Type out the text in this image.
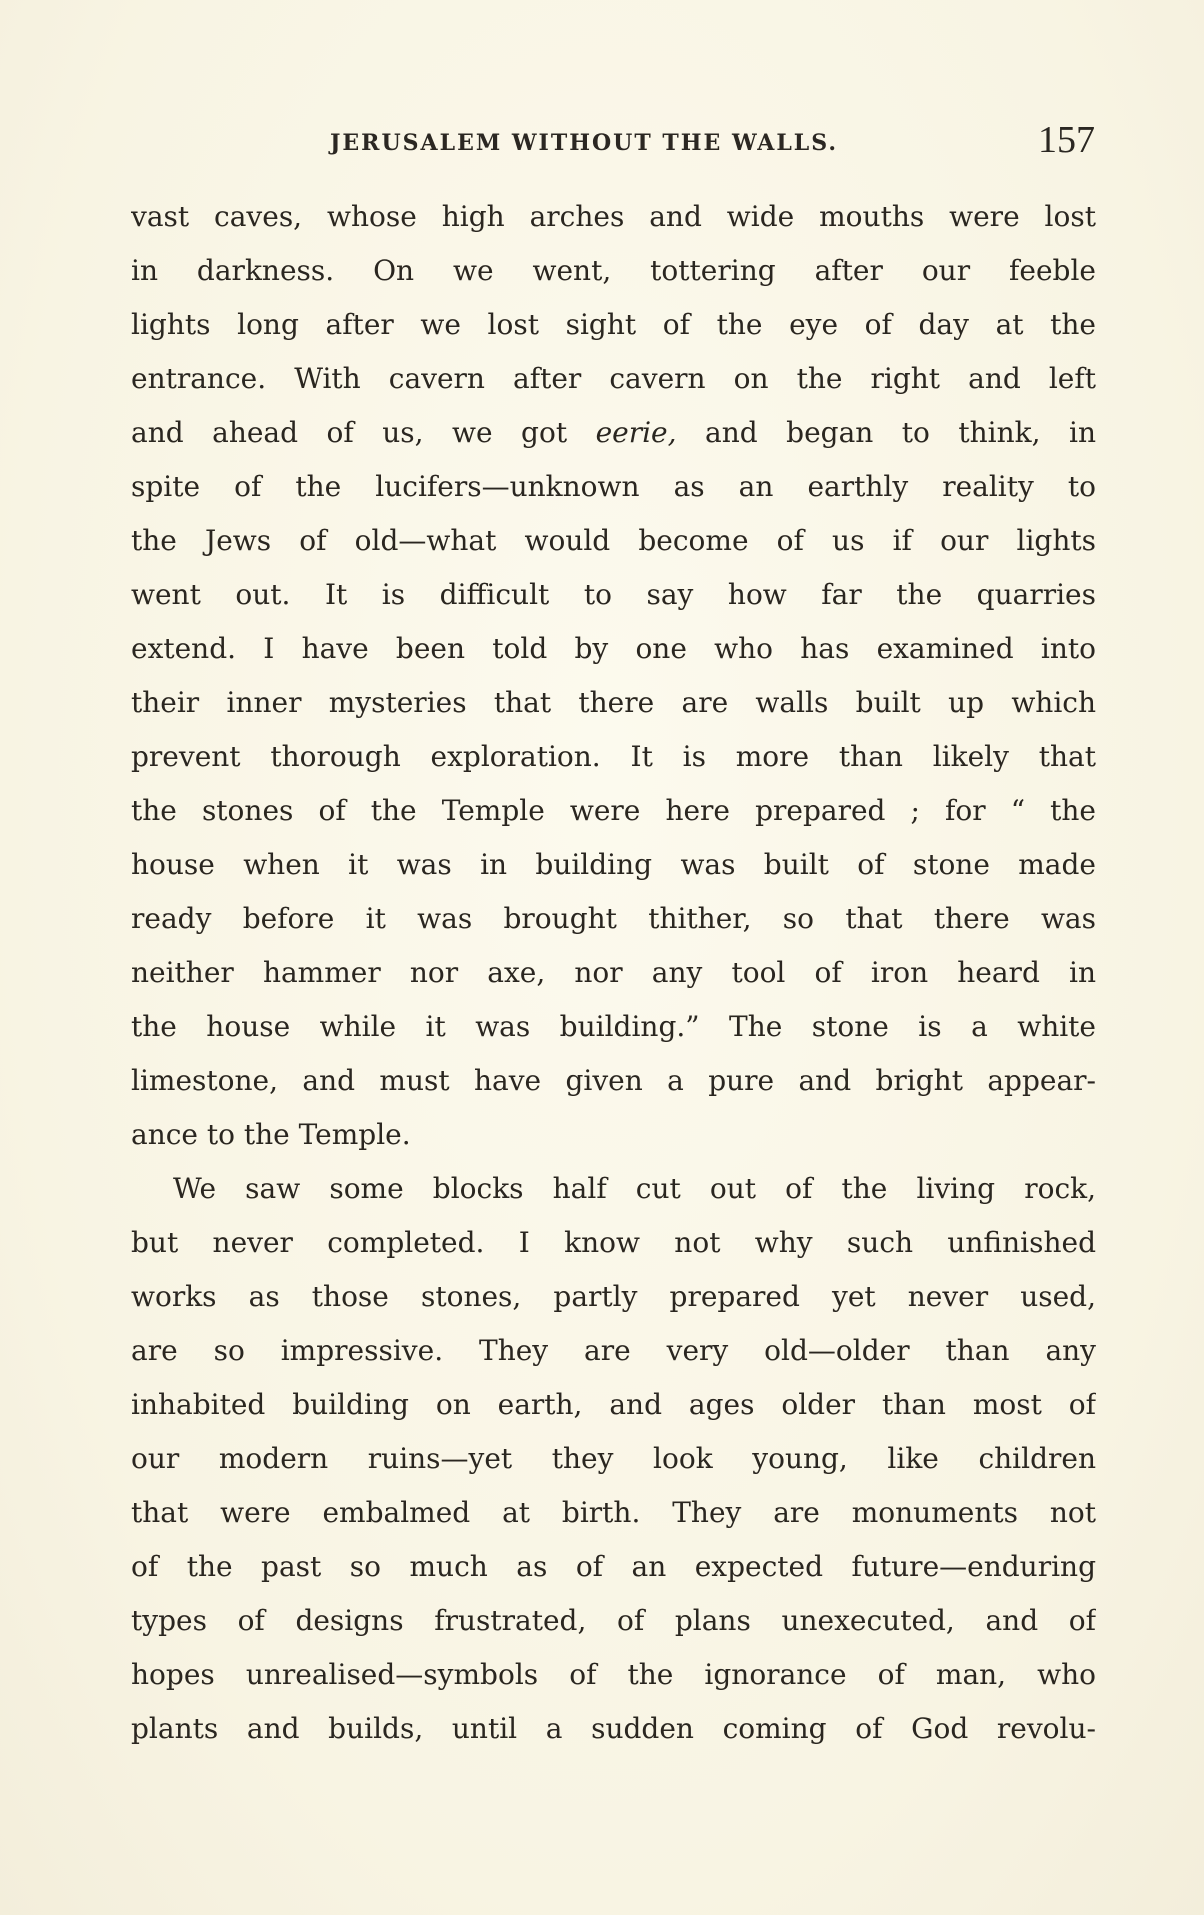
JERUSALEM WITHOUT THE WALLS.	157
vast caves, whose high arches and wide mouths were lost
in darkness. On we went, tottering after our feeble
lights long after we lost sight of the eye of day at the
entrance. With cavern after cavern on the right and left
and ahead of us, we got eerie, and began to think, in
spite of the lucifers—unknown as an earthly reality to
the Jews of old—what would become of us if our lights
went out. It is difficult to say how far the quarries
extend. I have been told by one who has examined into
their inner mysteries that there are walls built up which
prevent thorough exploration. It is more than likely that
the stones of the Temple were here prepared ; for “ the
house when it was in building was built of stone made
ready before it was brought thither, so that there was
neither hammer nor axe, nor any tool of iron heard in
the house while it was building.” The stone is a white
limestone, and must have given a pure and bright appear-
ance to the Temple.
We saw some blocks half cut out of the living rock,
but never completed. I know not why such unfinished
works as those stones, partly prepared yet never used,
are so impressive. They are very old—older than any
inhabited building on earth, and ages older than most of
our modern ruins—yet they look young, like children
that were embalmed at birth. They are monuments not
of the past so much as of an expected future—enduring
types of designs frustrated, of plans unexecuted, and of
hopes unrealised—symbols of the ignorance of man, who
plants and builds, until a sudden coming of God revolu-
